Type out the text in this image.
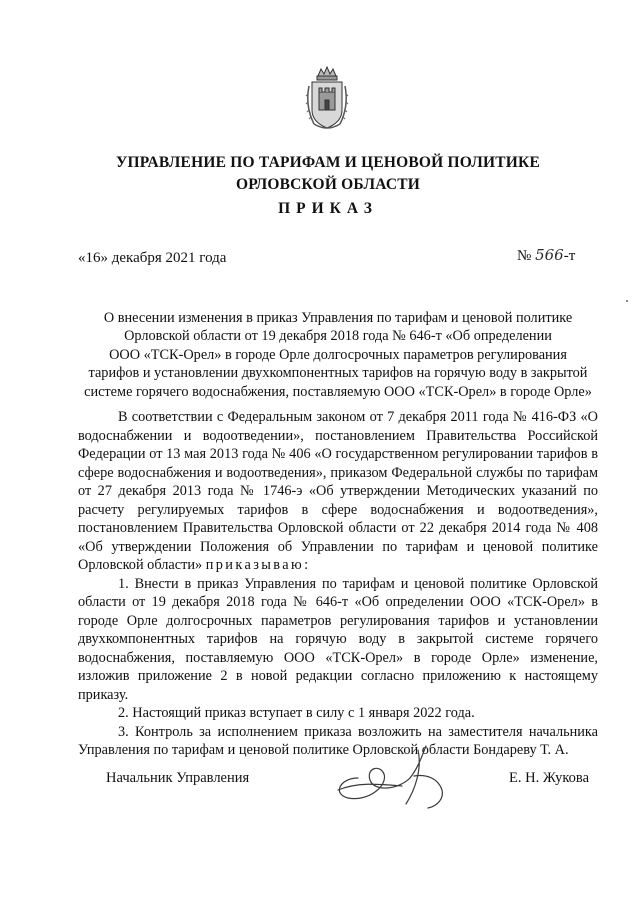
УПРАВЛЕНИЕ ПО ТАРИФАМ И ЦЕНОВОЙ ПОЛИТИКЕ
ОРЛОВСКОЙ ОБЛАСТИ
ПРИКАЗ
«16» декабря 2021 года	№ 566-т
О внесении изменения в приказ Управления по тарифам и ценовой политике
Орловской области от 19 декабря 2018 года № 646-т «Об определении
ООО «ТСК-Орел» в городе Орле долгосрочных параметров регулирования
тарифов и установлении двухкомпонентных тарифов на горячую воду в закрытой
системе горячего водоснабжения, поставляемую ООО «ТСК-Орел» в городе Орле»

В соответствии с Федеральным законом от 7 декабря 2011 года № 416-ФЗ «О водоснабжении и водоотведении», постановлением Правительства Российской Федерации от 13 мая 2013 года № 406 «О государственном регулировании тарифов в сфере водоснабжения и водоотведения», приказом Федеральной службы по тарифам от 27 декабря 2013 года № 1746-э «Об утверждении Методических указаний по расчету регулируемых тарифов в сфере водоснабжения и водоотведения», постановлением Правительства Орловской области от 22 декабря 2014 года № 408 «Об утверждении Положения об Управлении по тарифам и ценовой политике Орловской области» приказываю:

1. Внести в приказ Управления по тарифам и ценовой политике Орловской области от 19 декабря 2018 года № 646-т «Об определении ООО «ТСК-Орел» в городе Орле долгосрочных параметров регулирования тарифов и установлении двухкомпонентных тарифов на горячую воду в закрытой системе горячего водоснабжения, поставляемую ООО «ТСК-Орел» в городе Орле» изменение, изложив приложение 2 в новой редакции согласно приложению к настоящему приказу.

2. Настоящий приказ вступает в силу с 1 января 2022 года.

3. Контроль за исполнением приказа возложить на заместителя начальника Управления по тарифам и ценовой политике Орловской области Бондареву Т. А.

Начальник Управления	Е. Н. Жукова
